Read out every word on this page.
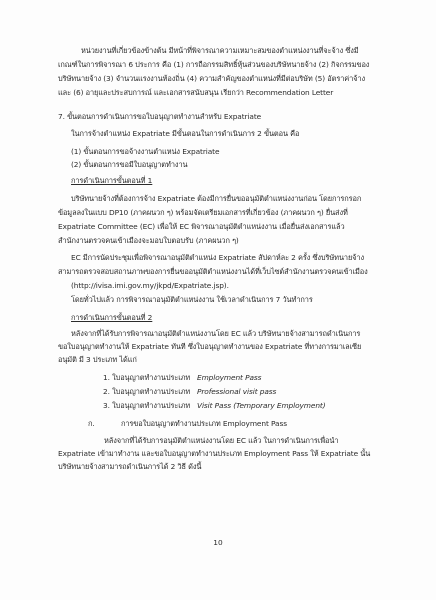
หน่วยงานที่เกี่ยวข้องข้างต้น มีหน้าที่พิจารณาความเหมาะสมของตำแหน่งงานที่จะจ้าง ซึ่งมี
เกณฑ์ในการพิจารณา 6 ประการ คือ (1) การถือกรรมสิทธิ์หุ้นส่วนของบริษัทนายจ้าง (2) กิจกรรมของ
บริษัทนายจ้าง (3) จำนวนแรงงานท้องถิ่น (4) ความสำคัญของตำแหน่งที่มีต่อบริษัท (5) อัตราค่าจ้าง
และ (6) อายุและประสบการณ์ และเอกสารสนับสนุน เรียกว่า Recommendation Letter
7. ขั้นตอนการดำเนินการขอใบอนุญาตทำงานสำหรับ Expatriate
ในการจ้างตำแหน่ง Expatriate มีขั้นตอนในการดำเนินการ 2 ขั้นตอน คือ
(1) ขั้นตอนการขอจ้างงานตำแหน่ง Expatriate
(2) ขั้นตอนการขอมีใบอนุญาตทำงาน
การดำเนินการขั้นตอนที่ 1
บริษัทนายจ้างที่ต้องการจ้าง Expatriate ต้องมีการยื่นขออนุมัติตำแหน่งงานก่อน โดยการกรอก
ข้อมูลลงในแบบ DP10 (ภาคผนวก ๆ) พร้อมจัดเตรียมเอกสารที่เกี่ยวข้อง (ภาคผนวก ๆ) ยื่นส่งที่
Expatriate Committee (EC) เพื่อให้ EC พิจารณาอนุมัติตำแหน่งงาน เมื่อยื่นส่งเอกสารแล้ว
สำนักงานตรวจคนเข้าเมืองจะมอบใบตอบรับ (ภาคผนวก ๆ)
EC มีการนัดประชุมเพื่อพิจารณาอนุมัติตำแหน่ง Expatriate สัปดาห์ละ 2 ครั้ง ซึ่งบริษัทนายจ้าง
สามารถตรวจสอบสถานภาพของการยื่นขออนุมัติตำแหน่งงานได้ที่เว็บไซต์สำนักงานตรวจคนเข้าเมือง
(http://ivisa.imi.gov.my/jkpd/Expatriate.jsp).
โดยทั่วไปแล้ว การพิจารณาอนุมัติตำแหน่งงาน ใช้เวลาดำเนินการ 7 วันทำการ
การดำเนินการขั้นตอนที่ 2
หลังจากที่ได้รับการพิจารณาอนุมัติตำแหน่งงานโดย EC แล้ว บริษัทนายจ้างสามารถดำเนินการ
ขอใบอนุญาตทำงานให้ Expatriate ทันที ซึ่งใบอนุญาตทำงานของ Expatriate ที่ทางการมาเลเซีย
อนุมัติ มี 3 ประเภท ได้แก่
1. ใบอนุญาตทำงานประเภท Employment Pass
2. ใบอนุญาตทำงานประเภท Professional visit pass
3. ใบอนุญาตทำงานประเภท Visit Pass (Temporary Employment)
ก.	การขอใบอนุญาตทำงานประเภท Employment Pass
หลังจากที่ได้รับการอนุมัติตำแหน่งงานโดย EC แล้ว ในการดำเนินการเพื่อนำ
Expatriate เข้ามาทำงาน และขอใบอนุญาตทำงานประเภท Employment Pass ให้ Expatriate นั้น
บริษัทนายจ้างสามารถดำเนินการได้ 2 วิธี ดังนี้
10
